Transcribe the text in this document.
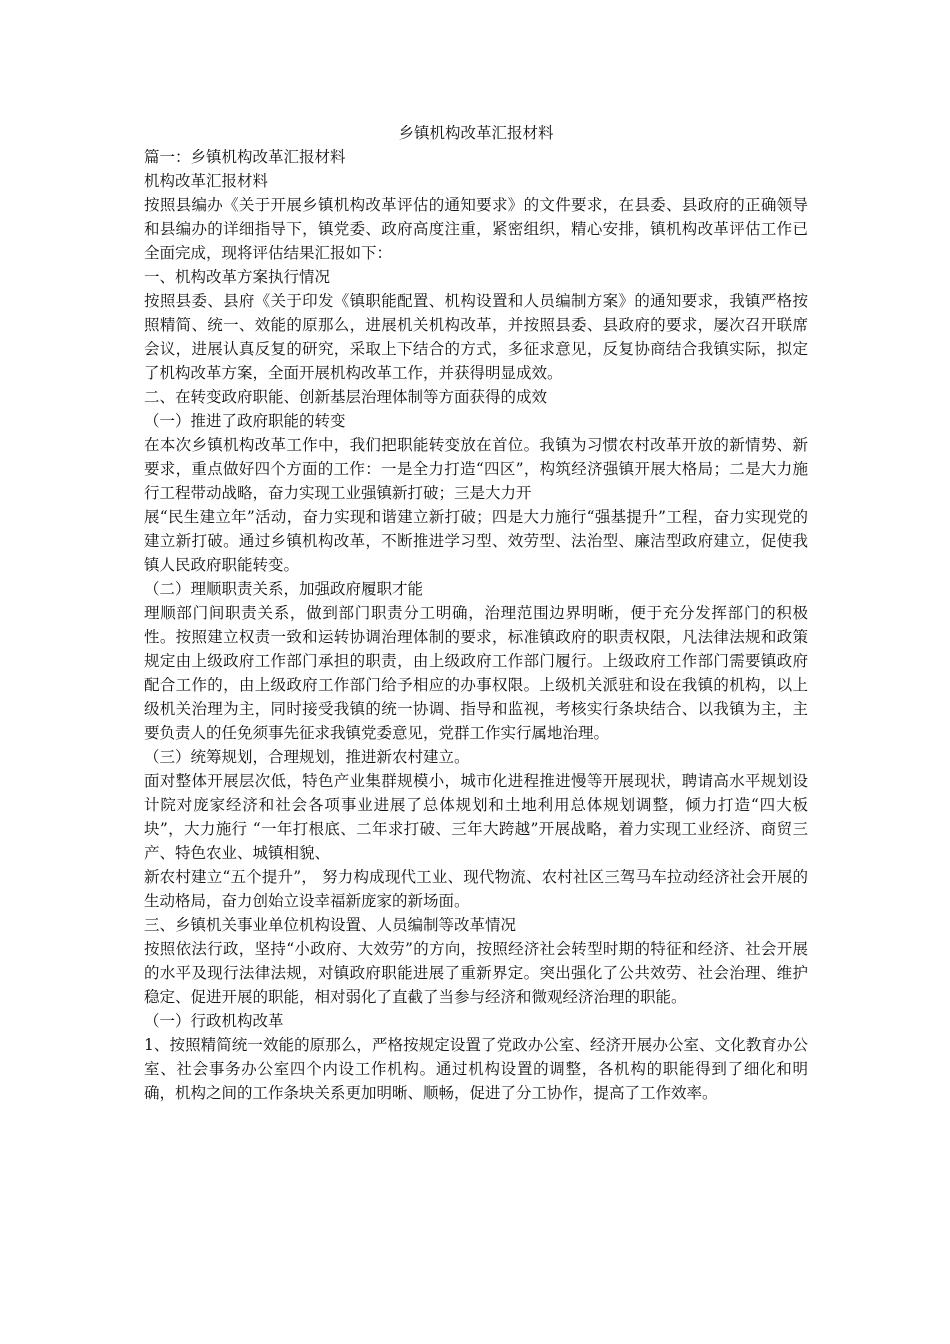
乡镇机构改革汇报材料

篇一：乡镇机构改革汇报材料

机构改革汇报材料

按照县编办《关于开展乡镇机构改革评估的通知要求》的文件要求，在县委、县政府的正确领导和县编办的详细指导下，镇党委、政府高度注重，紧密组织，精心安排，镇机构改革评估工作已全面完成，现将评估结果汇报如下：

一、机构改革方案执行情况

按照县委、县府《关于印发《镇职能配置、机构设置和人员编制方案》的通知要求，我镇严格按照精简、统一、效能的原那么，进展机关机构改革，并按照县委、县政府的要求，屡次召开联席会议，进展认真反复的研究，采取上下结合的方式，多征求意见，反复协商结合我镇实际，拟定了机构改革方案，全面开展机构改革工作，并获得明显成效。

二、在转变政府职能、创新基层治理体制等方面获得的成效

（一）推进了政府职能的转变

在本次乡镇机构改革工作中，我们把职能转变放在首位。我镇为习惯农村改革开放的新情势、新要求，重点做好四个方面的工作：一是全力打造“四区”，构筑经济强镇开展大格局；二是大力施行工程带动战略，奋力实现工业强镇新打破；三是大力开

展“民生建立年”活动，奋力实现和谐建立新打破；四是大力施行“强基提升”工程，奋力实现党的建立新打破。通过乡镇机构改革，不断推进学习型、效劳型、法治型、廉洁型政府建立，促使我镇人民政府职能转变。

（二）理顺职责关系，加强政府履职才能

理顺部门间职责关系，做到部门职责分工明确，治理范围边界明晰，便于充分发挥部门的积极性。按照建立权责一致和运转协调治理体制的要求，标准镇政府的职责权限，凡法律法规和政策规定由上级政府工作部门承担的职责，由上级政府工作部门履行。上级政府工作部门需要镇政府配合工作的，由上级政府工作部门给予相应的办事权限。上级机关派驻和设在我镇的机构，以上级机关治理为主，同时接受我镇的统一协调、指导和监视，考核实行条块结合、以我镇为主，主要负责人的任免须事先征求我镇党委意见，党群工作实行属地治理。

（三）统筹规划，合理规划，推进新农村建立。

面对整体开展层次低，特色产业集群规模小，城市化进程推进慢等开展现状，聘请高水平规划设计院对庞家经济和社会各项事业进展了总体规划和土地利用总体规划调整，倾力打造“四大板块”，大力施行 “一年打根底、二年求打破、三年大跨越”开展战略，着力实现工业经济、商贸三产、特色农业、城镇相貌、

新农村建立“五个提升”， 努力构成现代工业、现代物流、农村社区三驾马车拉动经济社会开展的生动格局，奋力创始立设幸福新庞家的新场面。

三、乡镇机关事业单位机构设置、人员编制等改革情况

按照依法行政，坚持“小政府、大效劳”的方向，按照经济社会转型时期的特征和经济、社会开展的水平及现行法律法规，对镇政府职能进展了重新界定。突出强化了公共效劳、社会治理、维护稳定、促进开展的职能，相对弱化了直截了当参与经济和微观经济治理的职能。

（一）行政机构改革

1、按照精简统一效能的原那么，严格按规定设置了党政办公室、经济开展办公室、文化教育办公室、社会事务办公室四个内设工作机构。通过机构设置的调整，各机构的职能得到了细化和明确，机构之间的工作条块关系更加明晰、顺畅，促进了分工协作，提高了工作效率。
